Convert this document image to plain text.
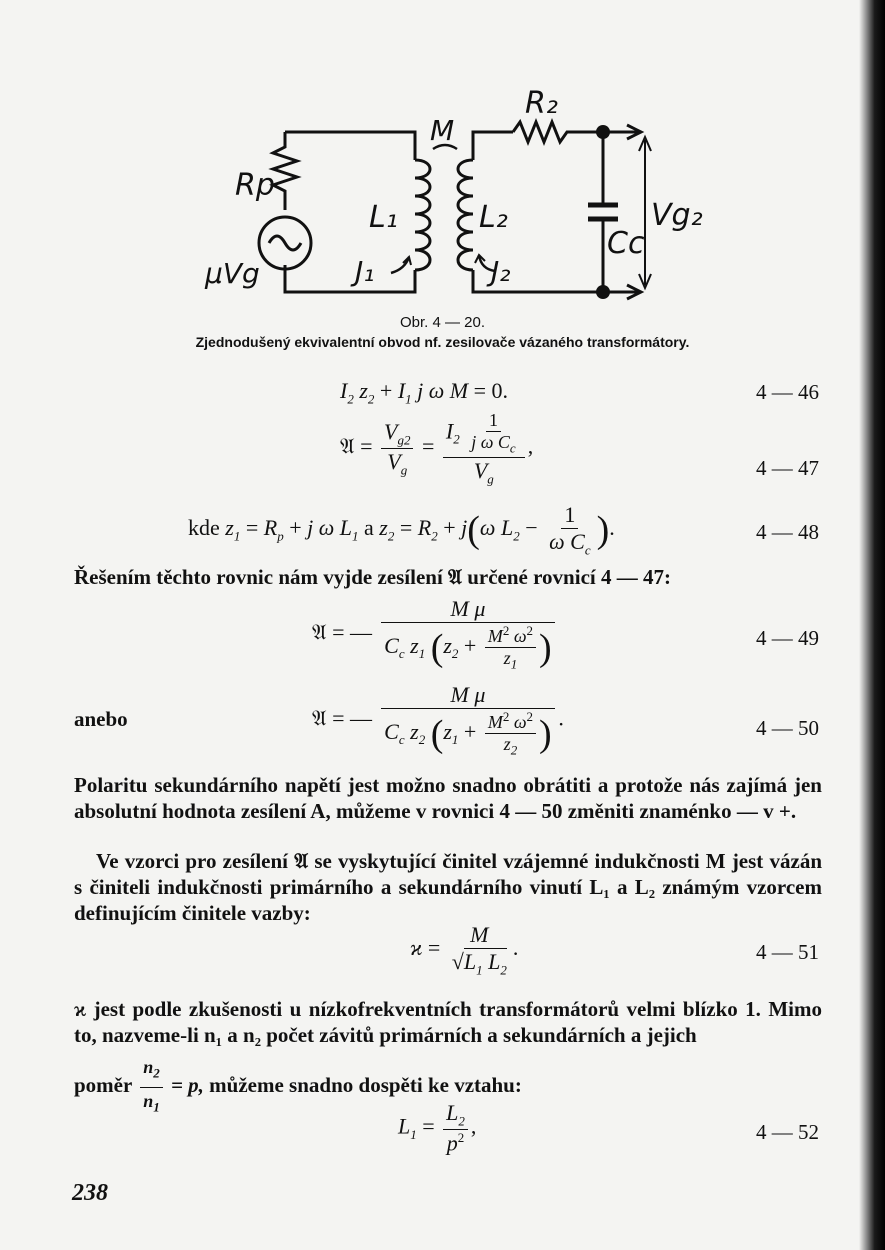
R₂
M
Rp
L₁	L₂	Vg₂
Cc
μVg	J₁	J₂
Obr. 4 — 20.
Zjednodušený ekvivalentní obvod nf. zesilovače vázaného transformátory.
$I_2$ $z_2 + I_1$ j ω M = 0.	4 — 46
𝔄 = $\frac{V_{g2}}{V_g} = \frac{I_2 \frac{1}{j \omega C_c}}{V_g}$ ,
4 — 47
kde $z_1 = R_p + j$ ω $L_1$ a $z_2 = R_2 + j(\omega$ $L_2 - \frac{1}{\omega C_c}$ ).	4 — 48
Řešením těchto rovnic nám vyjde zesílení 𝔄 určené rovnicí 4 — 47:
𝔄 = — $\frac{\text{M μ}}{C_c z_1 (z_2 + \frac{M^2 \omega^2}{z_1} )}$	4 — 49
anebo	𝔄 = — $\frac{\text{M μ}}{C_c z_2 (z_1 + \frac{M^2 \omega^2}{z_2} )}$ .	4 — 50
Polaritu sekundárního napětí jest možno snadno obrátiti a protože nás zajímá jen absolutní hodnota zesílení A, můžeme v rovnici 4 — 50 změniti znaménko — v +.
Ve vzorci pro zesílení 𝔄 se vyskytující činitel vzájemné indukčnosti M jest vázán s činiteli indukčnosti primárního a sekundárního vinutí L₁ a L₂ známým vzorcem definujícím činitele vazby:
$ϰ = \frac{M}{√L_1 L_2}$ .	4 — 51
ϰ jest podle zkušenosti u nízkofrekventních transformátorů velmi blízko 1. Mimo to, nazveme-li n₁ a n₂ počet závitů primárních a sekundárních a jejich
poměr $\frac{n_2}{n_1} = p$, můžeme snadno dospěti ke vztahu:
$L_1 = \frac{L_2}{p^2}$ ,	4 — 52
238
